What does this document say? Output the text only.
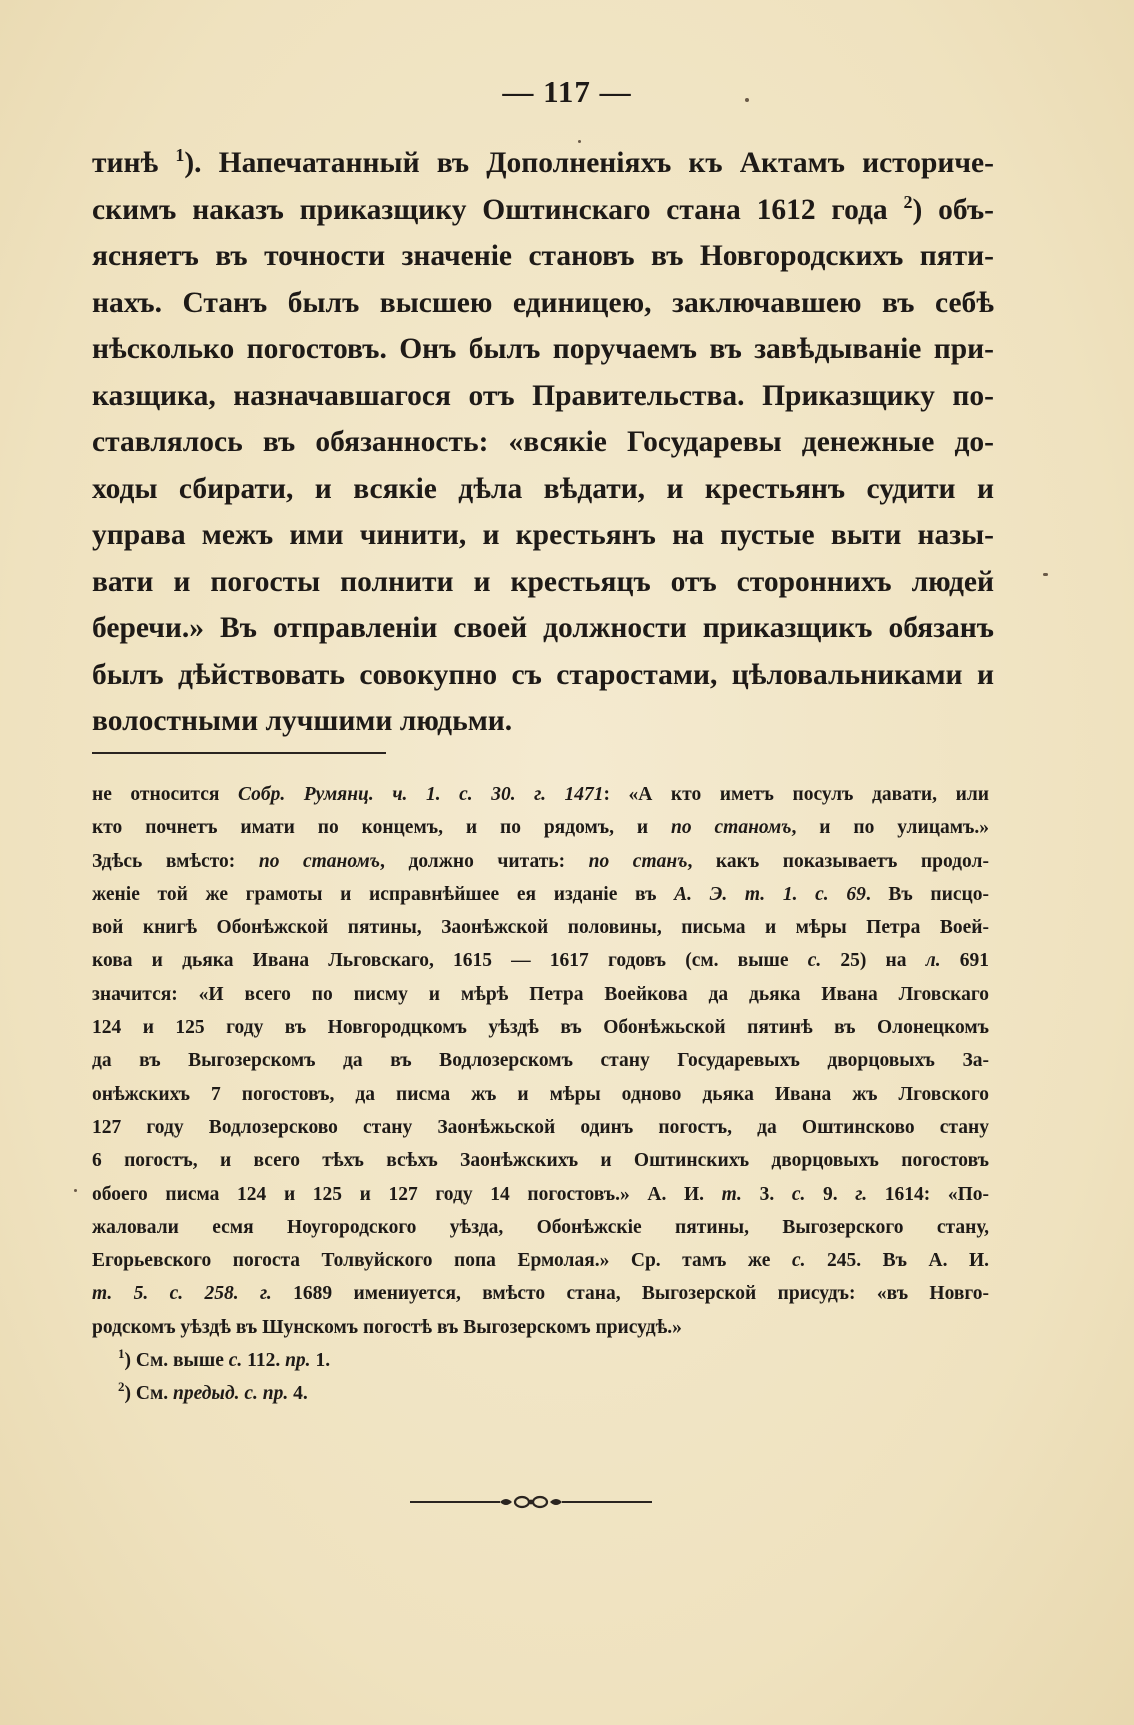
— 117 —
тинѣ $^1$). Напечатанный въ Дополненіяхъ къ Актамъ историче-
скимъ наказъ приказщику Оштинскаго стана 1612 года $^2$) объ-
ясняетъ въ точности значеніе становъ въ Новгородскихъ пяти-
нахъ. Станъ былъ высшею единицею, заключавшею въ себѣ
нѣсколько погостовъ. Онъ былъ поручаемъ въ завѣдываніе при-
казщика, назначавшагося отъ Правительства. Приказщику по-
ставлялось въ обязанность: «всякіе Государевы денежные до-
ходы сбирати, и всякіе дѣла вѣдати, и крестьянъ судити и
управа межъ ими чинити, и крестьянъ на пустые выти назы-
вати и погосты полнити и крестьяцъ отъ стороннихъ людей
беречи.» Въ отправленіи своей должности приказщикъ обязанъ
былъ дѣйствовать совокупно съ старостами, цѣловальниками и
волостными лучшими людьми.
не относится Собр. Румянц. ч. 1. с. 30. г. 1471: «А кто иметъ посулъ давати, или
кто почнетъ имати по концемъ, и по рядомъ, и по станомъ, и по улицамъ.»
Здѣсь вмѣсто: по станомъ, должно читать: по станъ, какъ показываетъ продол-
женіе той же грамоты и исправнѣйшее ея изданіе въ А. Э. т. 1. с. 69. Въ писцо-
вой книгѣ Обонѣжской пятины, Заонѣжской половины, письма и мѣры Петра Воей-
кова и дьяка Ивана Льговскаго, 1615 — 1617 годовъ (см. выше с. 25) на л. 691
значится: «И всего по писму и мѣрѣ Петра Воейкова да дьяка Ивана Лговскаго
124 и 125 году въ Новгородцкомъ уѣздѣ въ Обонѣжьской пятинѣ въ Олонецкомъ
да въ Выгозерскомъ да въ Водлозерскомъ стану Государевыхъ дворцовыхъ За-
онѣжскихъ 7 погостовъ, да писма жъ и мѣры одново дьяка Ивана жъ Лговского
127 году Водлозерсково стану Заонѣжьской одинъ погостъ, да Оштинсково стану
6 погостъ, и всего тѣхъ всѣхъ Заонѣжскихъ и Оштинскихъ дворцовыхъ погостовъ
обоего писма 124 и 125 и 127 году 14 погостовъ.» А. И. т. 3. с. 9. г. 1614: «По-
жаловали есмя Ноугородского уѣзда, Обонѣжскіе пятины, Выгозерского стану,
Егорьевского погоста Толвуйского попа Ермолая.» Ср. тамъ же с. 245. Въ А. И.
т. 5. с. 258. г. 1689 имениуется, вмѣсто стана, Выгозерской присудъ: «въ Новго-
родскомъ уѣздѣ въ Шунскомъ погостѣ въ Выгозерскомъ присудѣ.»
$^1$) См. выше с. 112. пр. 1.
$^2$) См. предыд. с. пр. 4.
